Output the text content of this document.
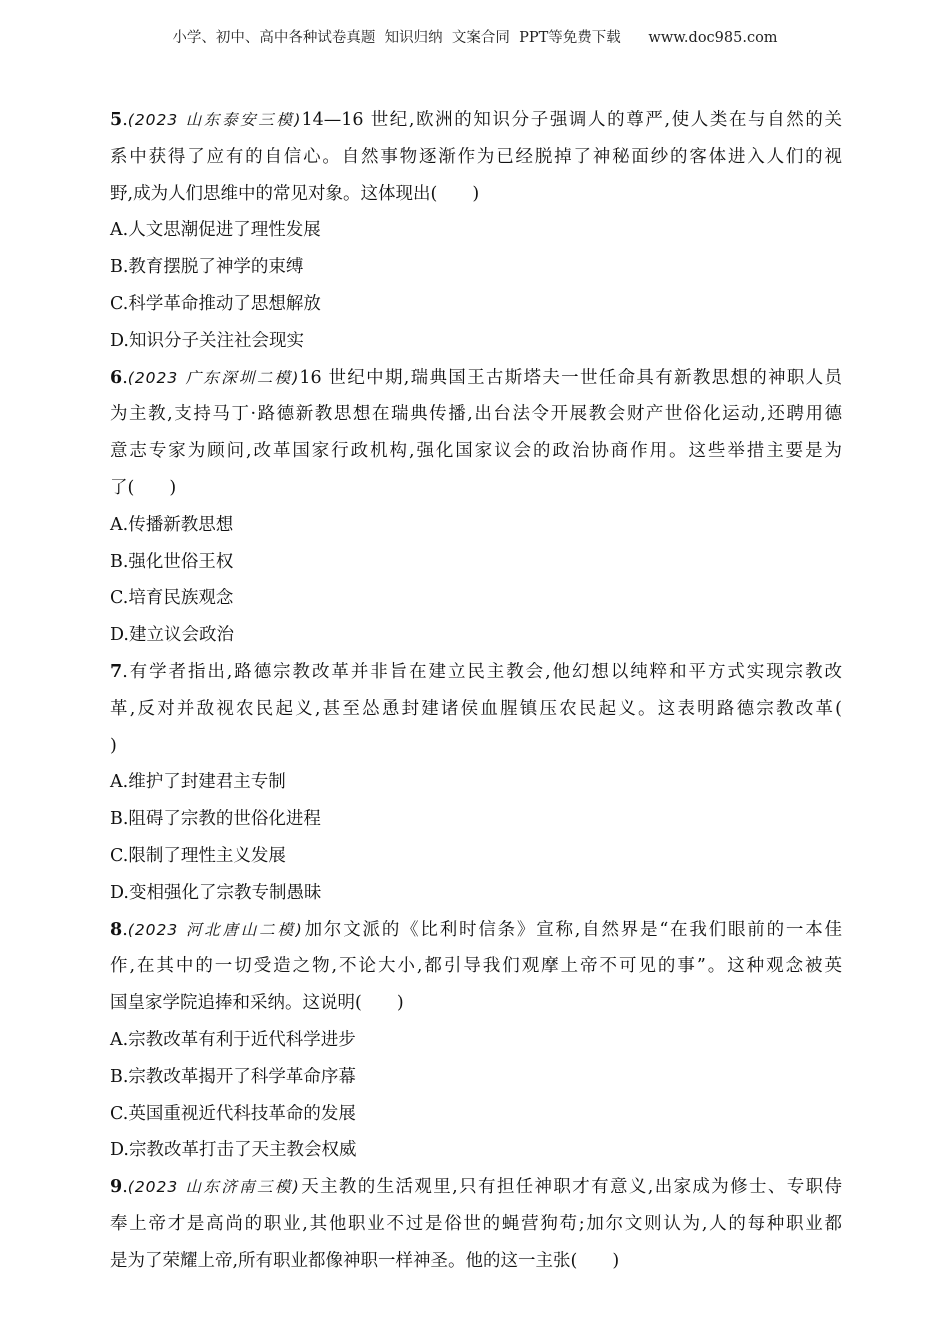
小学、初中、高中各种试卷真题  知识归纳  文案合同  PPT等免费下载      www.doc985.com
5.(2023 山东泰安三模)14—16 世纪,欧洲的知识分子强调人的尊严,使人类在与自然的关
系中获得了应有的自信心。自然事物逐渐作为已经脱掉了神秘面纱的客体进入人们的视
野,成为人们思维中的常见对象。这体现出(　　)
A.人文思潮促进了理性发展
B.教育摆脱了神学的束缚
C.科学革命推动了思想解放
D.知识分子关注社会现实
6.(2023 广东深圳二模)16 世纪中期,瑞典国王古斯塔夫一世任命具有新教思想的神职人员
为主教,支持马丁·路德新教思想在瑞典传播,出台法令开展教会财产世俗化运动,还聘用德
意志专家为顾问,改革国家行政机构,强化国家议会的政治协商作用。这些举措主要是为
了(　　)
A.传播新教思想
B.强化世俗王权
C.培育民族观念
D.建立议会政治
7.有学者指出,路德宗教改革并非旨在建立民主教会,他幻想以纯粹和平方式实现宗教改
革,反对并敌视农民起义,甚至怂恿封建诸侯血腥镇压农民起义。这表明路德宗教改革(
)
A.维护了封建君主专制
B.阻碍了宗教的世俗化进程
C.限制了理性主义发展
D.变相强化了宗教专制愚昧
8.(2023 河北唐山二模)加尔文派的《比利时信条》宣称,自然界是“在我们眼前的一本佳
作,在其中的一切受造之物,不论大小,都引导我们观摩上帝不可见的事”。这种观念被英
国皇家学院追捧和采纳。这说明(　　)
A.宗教改革有利于近代科学进步
B.宗教改革揭开了科学革命序幕
C.英国重视近代科技革命的发展
D.宗教改革打击了天主教会权威
9.(2023 山东济南三模)天主教的生活观里,只有担任神职才有意义,出家成为修士、专职侍
奉上帝才是高尚的职业,其他职业不过是俗世的蝇营狗苟;加尔文则认为,人的每种职业都
是为了荣耀上帝,所有职业都像神职一样神圣。他的这一主张(　　)
